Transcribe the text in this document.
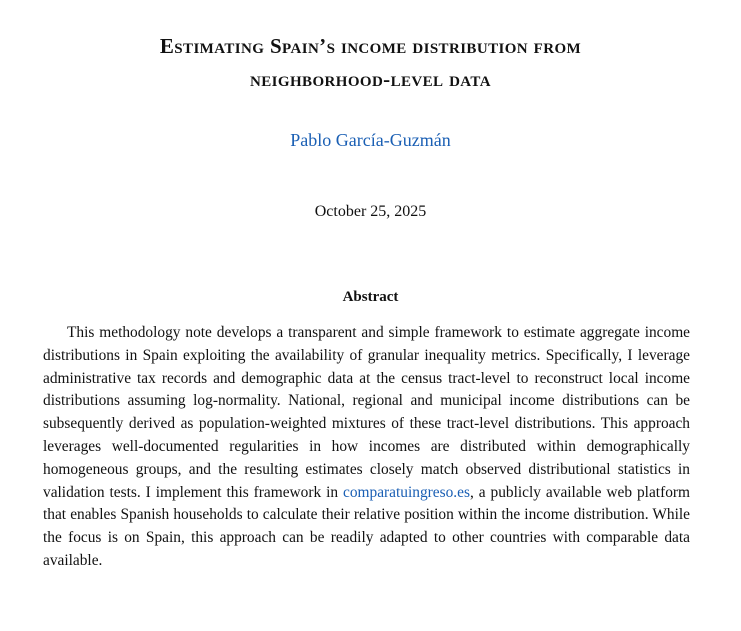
Estimating Spain’s income distribution from
neighborhood-level data
Pablo García-Guzmán
October 25, 2025
Abstract

This methodology note develops a transparent and simple framework to estimate aggregate income distributions in Spain exploiting the availability of granular inequality metrics. Specifically, I leverage administrative tax records and demographic data at the census tract-level to reconstruct local income distributions assuming log-normality. National, regional and municipal income distributions can be subsequently derived as population-weighted mixtures of these tract-level distributions. This approach leverages well-documented regularities in how incomes are distributed within demographically homogeneous groups, and the resulting estimates closely match observed distributional statistics in validation tests. I implement this framework in comparatuingreso.es, a publicly available web platform that enables Spanish households to calculate their relative position within the income distribution. While the focus is on Spain, this approach can be readily adapted to other countries with comparable data available.
